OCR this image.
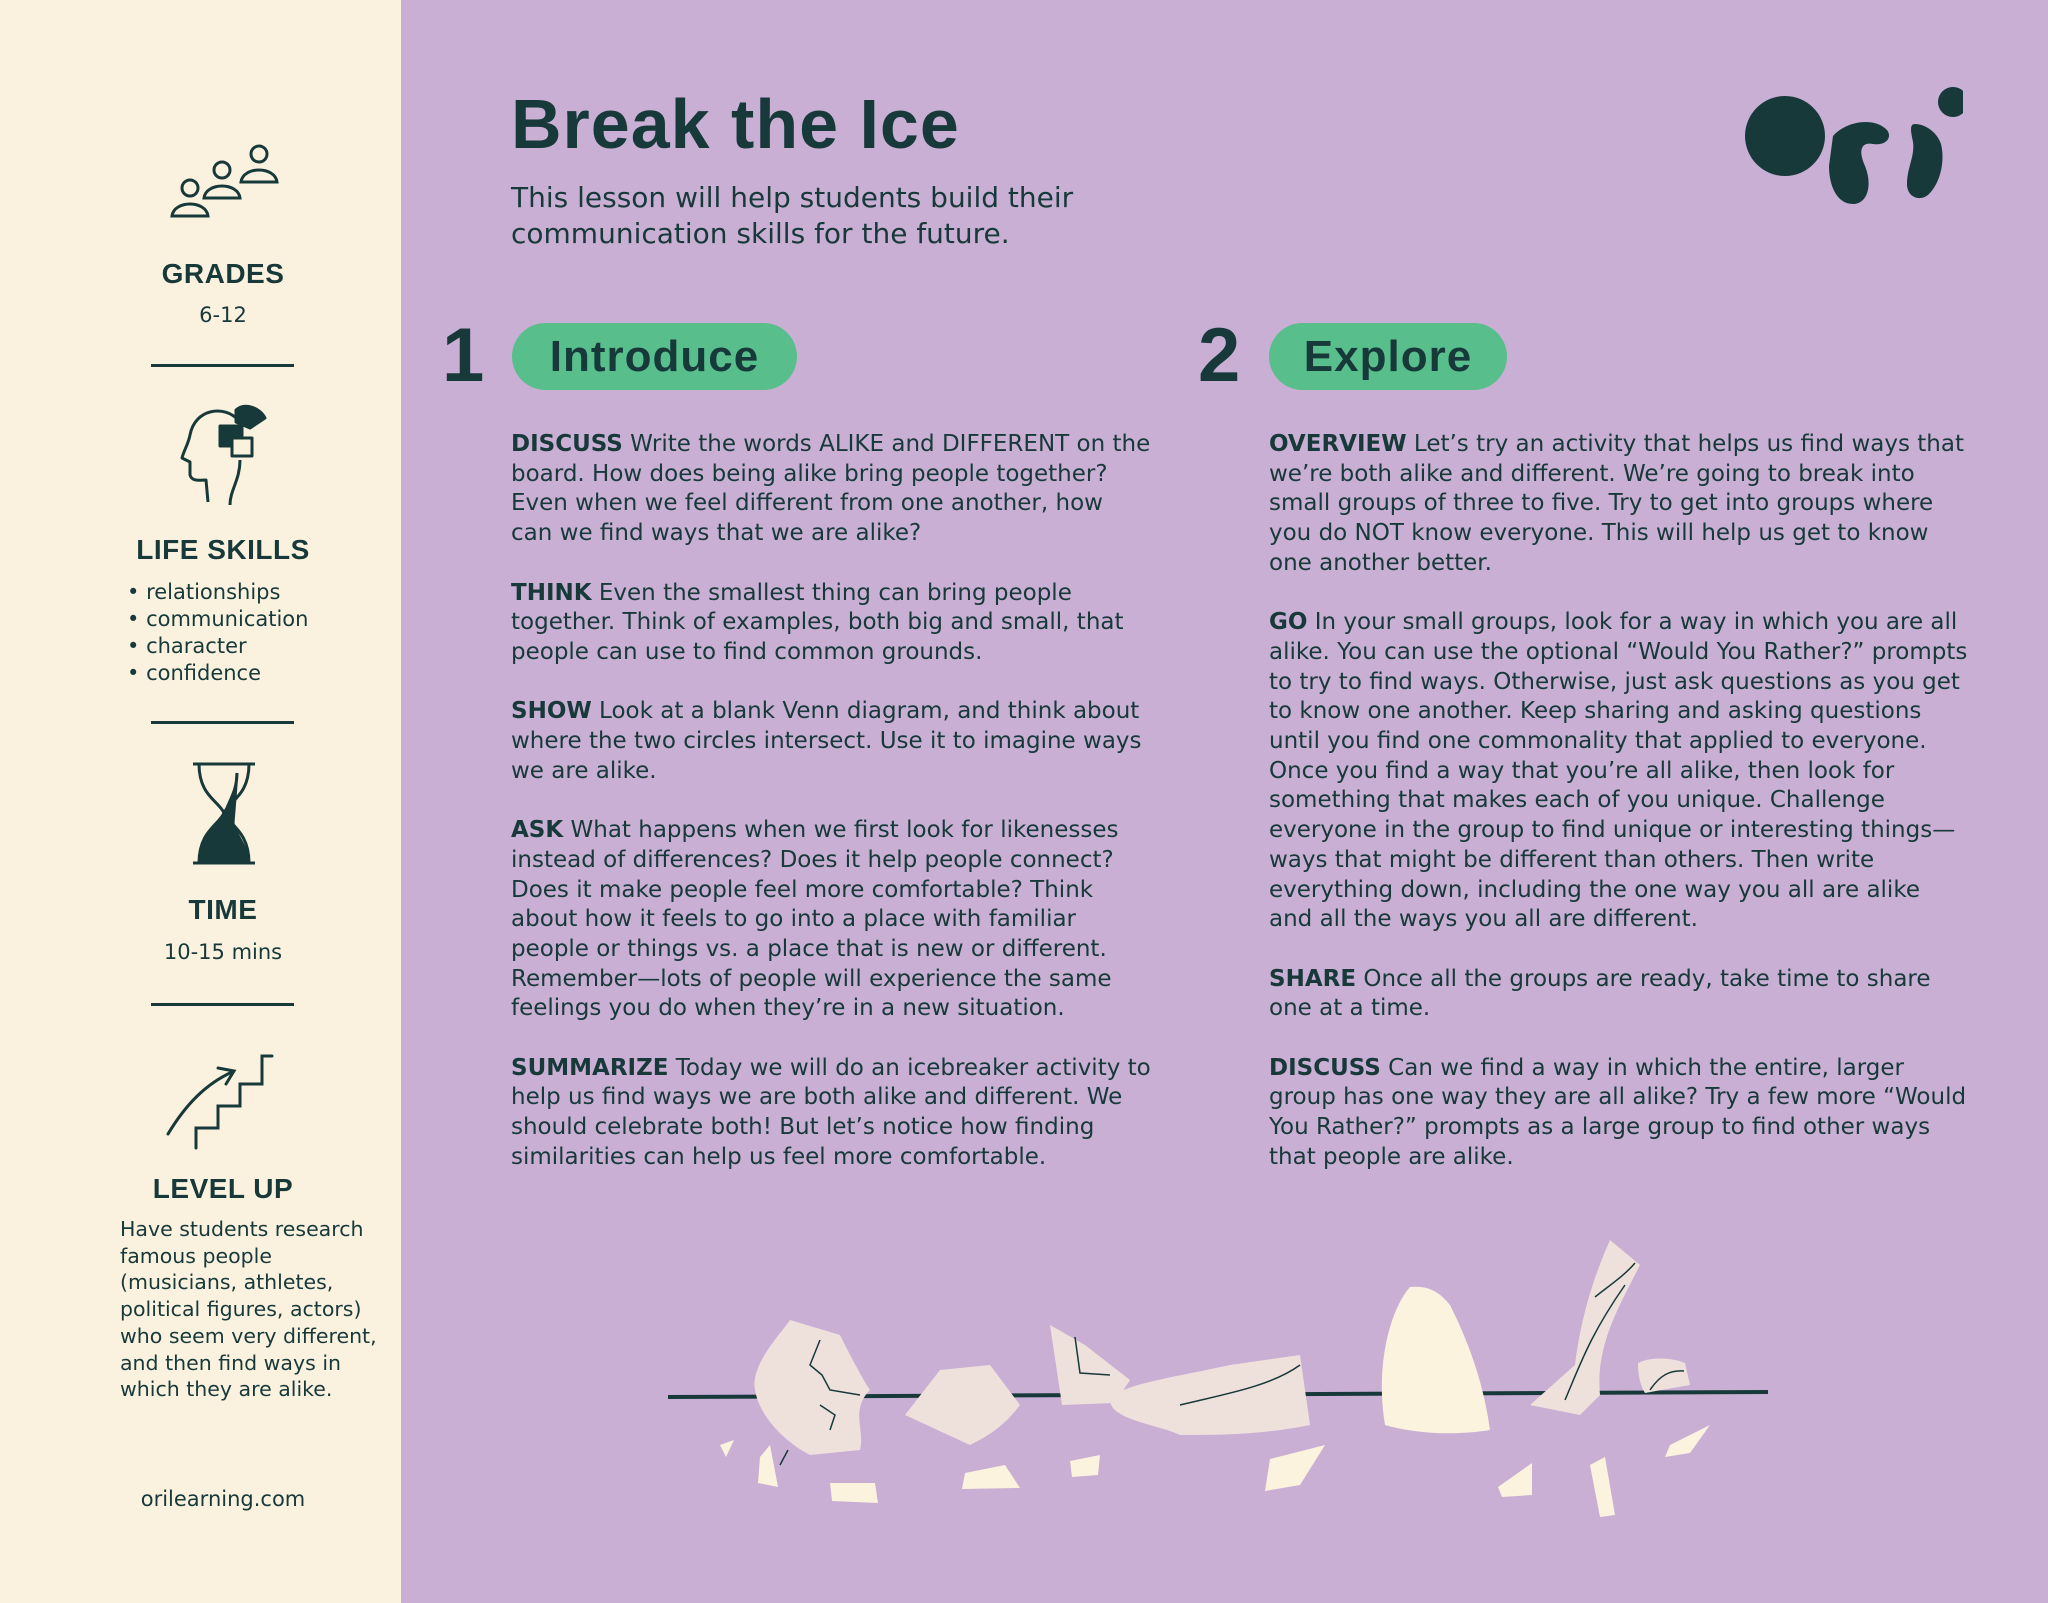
GRADES
6-12
LIFE SKILLS
• relationships
• communication
• character
• confidence
TIME
10-15 mins
LEVEL UP
Have students research famous people (musicians, athletes, political figures, actors) who seem very different, and then find ways in which they are alike.
orilearning.com
Break the Ice
This lesson will help students build their communication skills for the future.
1	Introduce

DISCUSS Write the words ALIKE and DIFFERENT on the board. How does being alike bring people together? Even when we feel different from one another, how can we find ways that we are alike?

THINK Even the smallest thing can bring people together. Think of examples, both big and small, that people can use to find common grounds.

SHOW Look at a blank Venn diagram, and think about where the two circles intersect. Use it to imagine ways we are alike.

ASK What happens when we first look for likenesses instead of differences? Does it help people connect? Does it make people feel more comfortable? Think about how it feels to go into a place with familiar people or things vs. a place that is new or different. Remember—lots of people will experience the same feelings you do when they’re in a new situation.

SUMMARIZE Today we will do an icebreaker activity to help us find ways we are both alike and different. We should celebrate both! But let’s notice how finding similarities can help us feel more comfortable.

2	Explore

OVERVIEW Let’s try an activity that helps us find ways that we’re both alike and different. We’re going to break into small groups of three to five. Try to get into groups where you do NOT know everyone. This will help us get to know one another better.

GO In your small groups, look for a way in which you are all alike. You can use the optional “Would You Rather?” prompts to try to find ways. Otherwise, just ask questions as you get to know one another. Keep sharing and asking questions until you find one commonality that applied to everyone. Once you find a way that you’re all alike, then look for something that makes each of you unique. Challenge everyone in the group to find unique or interesting things—ways that might be different than others. Then write everything down, including the one way you all are alike and all the ways you all are different.

SHARE Once all the groups are ready, take time to share one at a time.

DISCUSS Can we find a way in which the entire, larger group has one way they are all alike? Try a few more “Would You Rather?” prompts as a large group to find other ways that people are alike.
